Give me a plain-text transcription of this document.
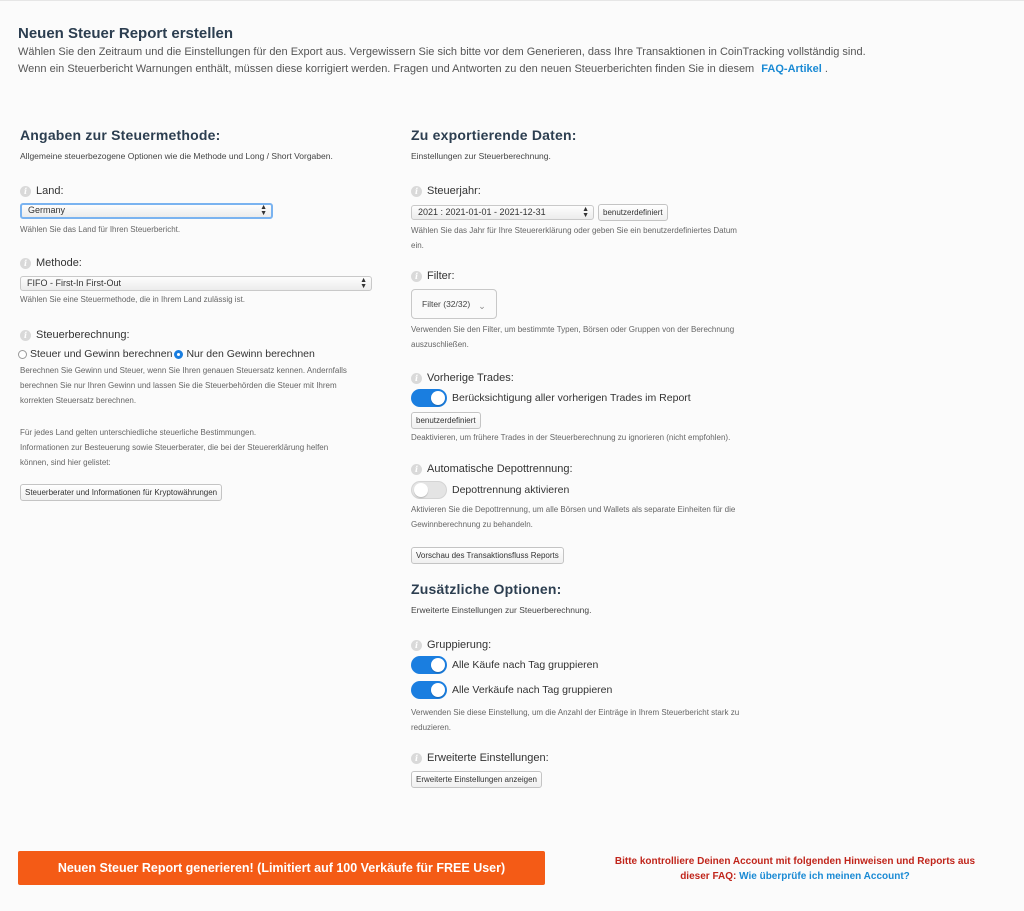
Neuen Steuer Report erstellen
Wählen Sie den Zeitraum und die Einstellungen für den Export aus. Vergewissern Sie sich bitte vor dem Generieren, dass Ihre Transaktionen in CoinTracking vollständig sind.
Wenn ein Steuerbericht Warnungen enthält, müssen diese korrigiert werden. Fragen und Antworten zu den neuen Steuerberichten finden Sie in diesem FAQ-Artikel .
Angaben zur Steuermethode:
Allgemeine steuerbezogene Optionen wie die Methode und Long / Short Vorgaben.
i Land:
Germany	▲
▼
Wählen Sie das Land für Ihren Steuerbericht.
i Methode:
FIFO - First-In First-Out	▲
▼
Wählen Sie eine Steuermethode, die in Ihrem Land zulässig ist.
i Steuerberechnung:
Steuer und Gewinn berechnen Nur den Gewinn berechnen
Berechnen Sie Gewinn und Steuer, wenn Sie Ihren genauen Steuersatz kennen. Andernfalls
berechnen Sie nur Ihren Gewinn und lassen Sie die Steuerbehörden die Steuer mit Ihrem
korrekten Steuersatz berechnen.
Für jedes Land gelten unterschiedliche steuerliche Bestimmungen.
Informationen zur Besteuerung sowie Steuerberater, die bei der Steuererklärung helfen
können, sind hier gelistet:
Steuerberater und Informationen für Kryptowährungen
Zu exportierende Daten:
Einstellungen zur Steuerberechnung.
i Steuerjahr:
2021 : 2021-01-01 - 2021-12-31	▲
▼	benutzerdefiniert
Wählen Sie das Jahr für Ihre Steuererklärung oder geben Sie ein benutzerdefiniertes Datum
ein.
i Filter:
Filter (32/32) ⌄
Verwenden Sie den Filter, um bestimmte Typen, Börsen oder Gruppen von der Berechnung
auszuschließen.
i Vorherige Trades:
Berücksichtigung aller vorherigen Trades im Report
benutzerdefiniert
Deaktivieren, um frühere Trades in der Steuerberechnung zu ignorieren (nicht empfohlen).
i Automatische Depottrennung:
Depottrennung aktivieren
Aktivieren Sie die Depottrennung, um alle Börsen und Wallets als separate Einheiten für die
Gewinnberechnung zu behandeln.
Vorschau des Transaktionsfluss Reports
Zusätzliche Optionen:
Erweiterte Einstellungen zur Steuerberechnung.
i Gruppierung:
Alle Käufe nach Tag gruppieren
Alle Verkäufe nach Tag gruppieren
Verwenden Sie diese Einstellung, um die Anzahl der Einträge in Ihrem Steuerbericht stark zu
reduzieren.
i Erweiterte Einstellungen:
Erweiterte Einstellungen anzeigen
Neuen Steuer Report generieren! (Limitiert auf 100 Verkäufe für FREE User)	Bitte kontrolliere Deinen Account mit folgenden Hinweisen und Reports aus
dieser FAQ: Wie überprüfe ich meinen Account?
